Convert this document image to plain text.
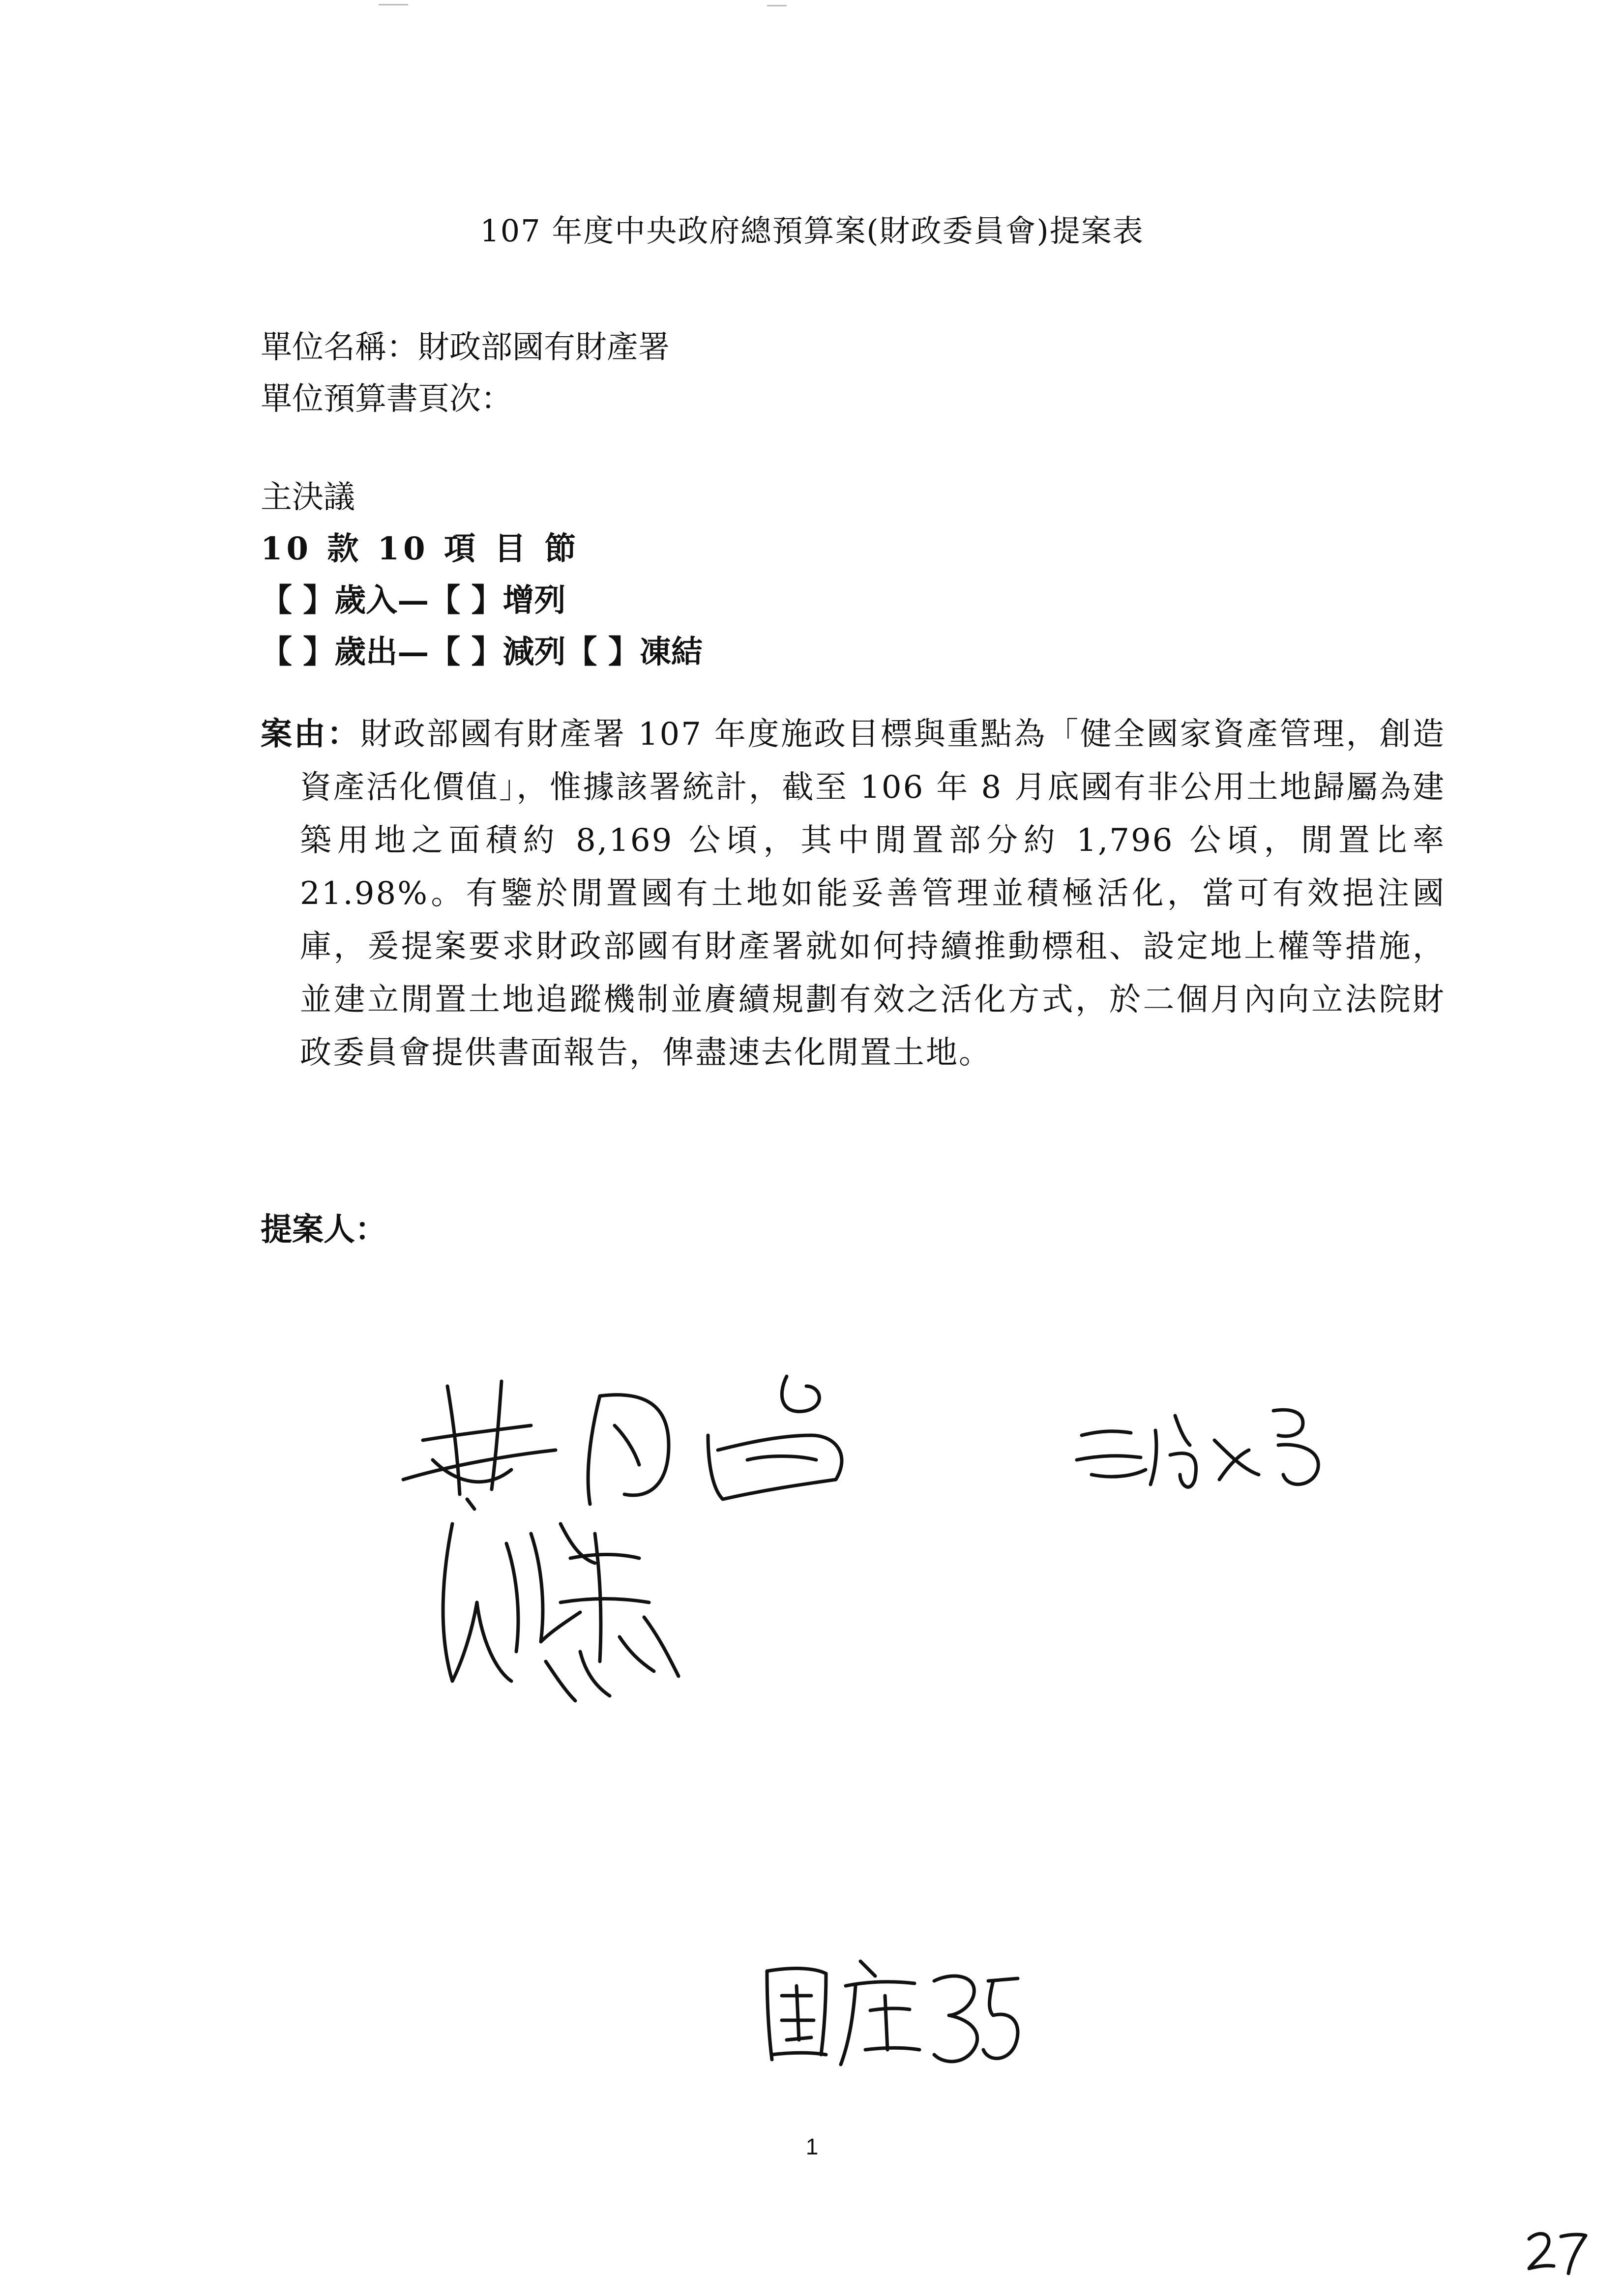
107 年度中央政府總預算案(財政委員會)提案表
單位名稱：財政部國有財產署
單位預算書頁次：
主決議
10 款 10 項 目 節
【 】歲入—【 】增列
【 】歲出—【 】減列【 】凍結
案由：財政部國有財產署 107 年度施政目標與重點為「健全國家資產管理，創造資產活化價值」，惟據該署統計，截至 106 年 8 月底國有非公用土地歸屬為建築用地之面積約 8,169 公頃，其中閒置部分約 1,796 公頃，閒置比率 21.98%。有鑒於閒置國有土地如能妥善管理並積極活化，當可有效挹注國庫，爰提案要求財政部國有財產署就如何持續推動標租、設定地上權等措施，並建立閒置土地追蹤機制並賡續規劃有效之活化方式，於二個月內向立法院財政委員會提供書面報告，俾盡速去化閒置土地。
提案人：
1
